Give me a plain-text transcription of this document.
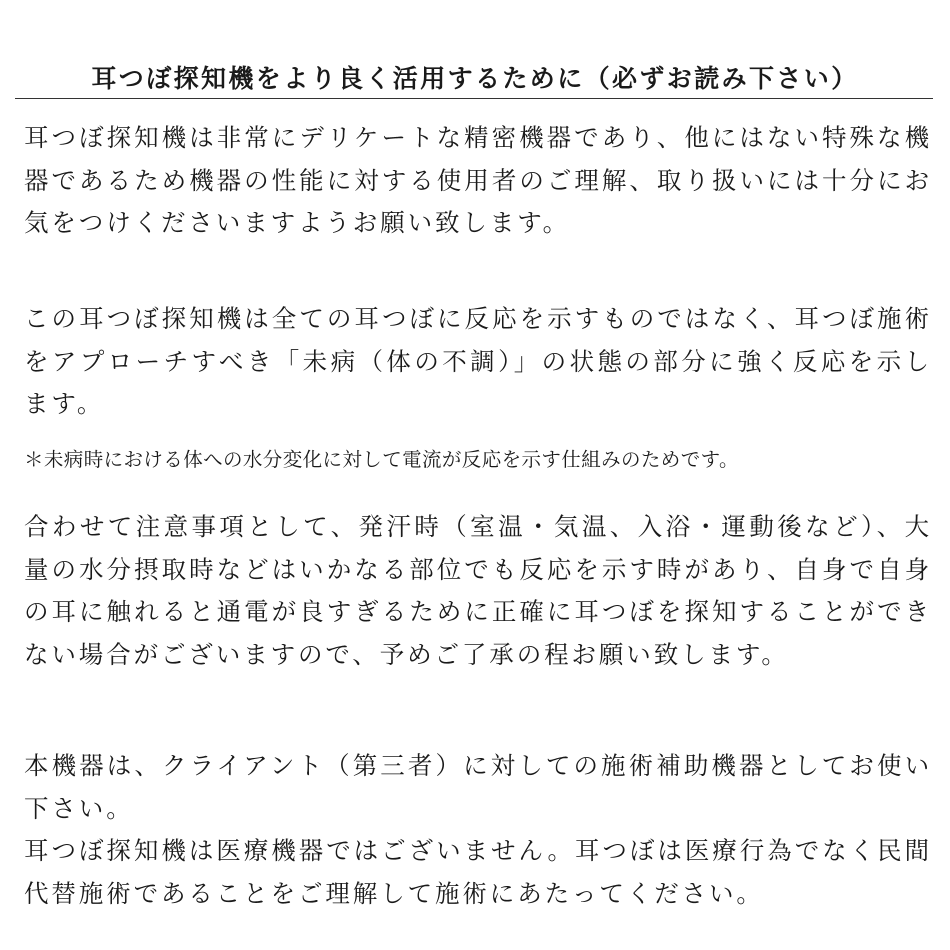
耳つぼ探知機をより良く活用するために（必ずお読み下さい）

耳つぼ探知機は非常にデリケートな精密機器であり、他にはない特殊な機器であるため機器の性能に対する使用者のご理解、取り扱いには十分にお気をつけくださいますようお願い致します。

この耳つぼ探知機は全ての耳つぼに反応を示すものではなく、耳つぼ施術をアプローチすべき「未病（体の不調）」の状態の部分に強く反応を示します。

＊未病時における体への水分変化に対して電流が反応を示す仕組みのためです。

合わせて注意事項として、発汗時（室温・気温、入浴・運動後など）、大量の水分摂取時などはいかなる部位でも反応を示す時があり、自身で自身の耳に触れると通電が良すぎるために正確に耳つぼを探知することができない場合がございますので、予めご了承の程お願い致します。

本機器は、クライアント（第三者）に対しての施術補助機器としてお使い下さい。
耳つぼ探知機は医療機器ではございません。耳つぼは医療行為でなく民間代替施術であることをご理解して施術にあたってください。
